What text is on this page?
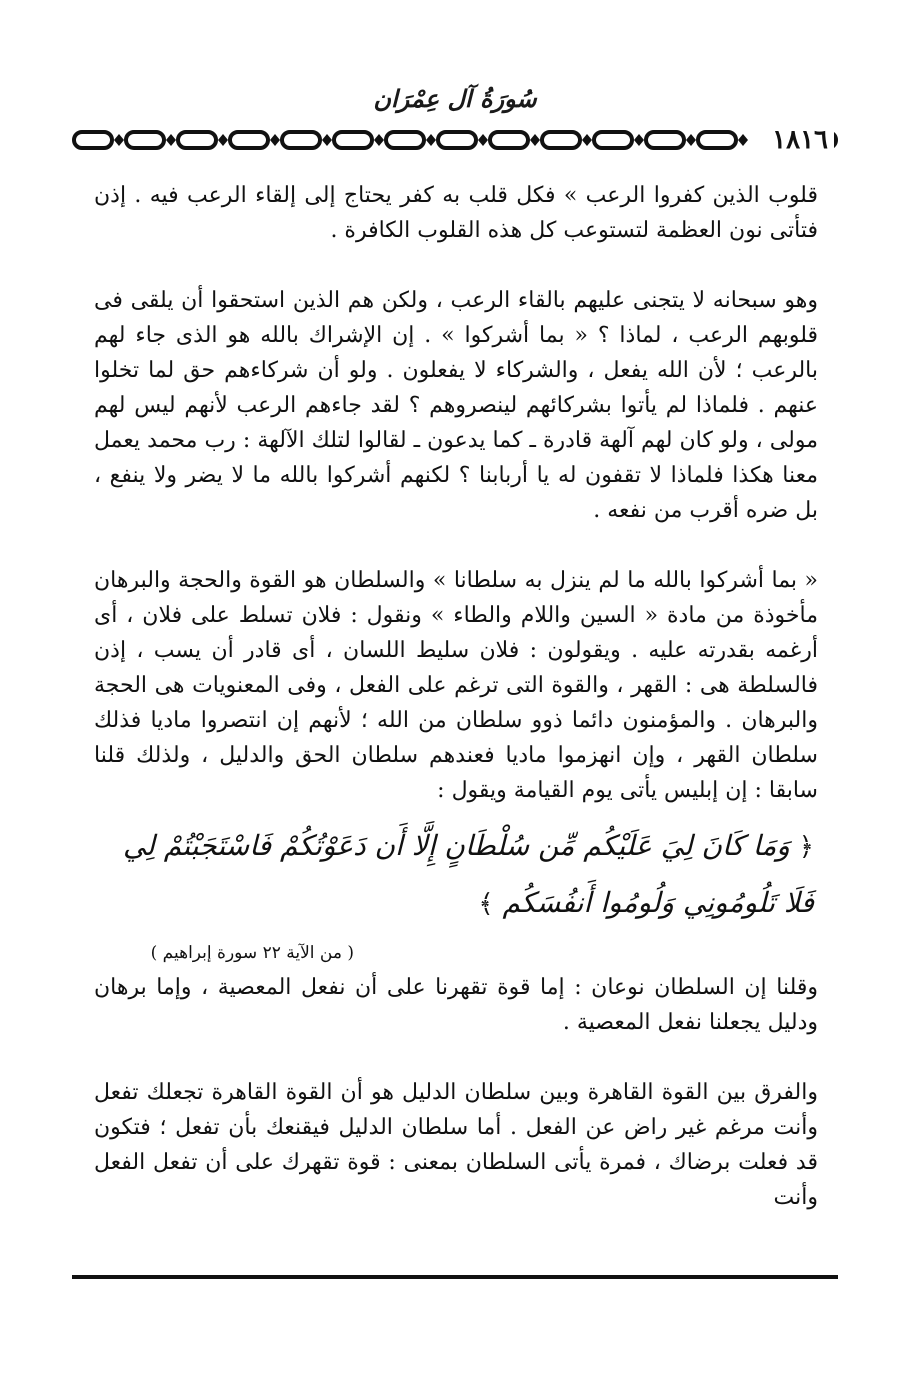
سُورَةُ آل عِمْرَان
١٨١٦

قلوب الذين كفروا الرعب » فكل قلب به كفر يحتاج إلى إلقاء الرعب فيه . إذن فتأتى نون العظمة لتستوعب كل هذه القلوب الكافرة .

وهو سبحانه لا يتجنى عليهم بالقاء الرعب ، ولكن هم الذين استحقوا أن يلقى فى قلوبهم الرعب ، لماذا ؟ « بما أشركوا » . إن الإشراك بالله هو الذى جاء لهم بالرعب ؛ لأن الله يفعل ، والشركاء لا يفعلون . ولو أن شركاءهم حق لما تخلوا عنهم . فلماذا لم يأتوا بشركائهم لينصروهم ؟ لقد جاءهم الرعب لأنهم ليس لهم مولى ، ولو كان لهم آلهة قادرة ـ كما يدعون ـ لقالوا لتلك الآلهة : رب محمد يعمل معنا هكذا فلماذا لا تقفون له يا أربابنا ؟ لكنهم أشركوا بالله ما لا يضر ولا ينفع ، بل ضره أقرب من نفعه .

« بما أشركوا بالله ما لم ينزل به سلطانا » والسلطان هو القوة والحجة والبرهان مأخوذة من مادة « السين واللام والطاء » ونقول : فلان تسلط على فلان ، أى أرغمه بقدرته عليه . ويقولون : فلان سليط اللسان ، أى قادر أن يسب ، إذن فالسلطة هى : القهر ، والقوة التى ترغم على الفعل ، وفى المعنويات هى الحجة والبرهان . والمؤمنون دائما ذوو سلطان من الله ؛ لأنهم إن انتصروا ماديا فذلك سلطان القهر ، وإن انهزموا ماديا فعندهم سلطان الحق والدليل ، ولذلك قلنا سابقا : إن إبليس يأتى يوم القيامة ويقول :

﴿ وَمَا كَانَ لِيَ عَلَيْكُم مِّن سُلْطَانٍ إِلَّا أَن دَعَوْتُكُمْ فَاسْتَجَبْتُمْ لِي فَلَا تَلُومُونِي وَلُومُوا أَنفُسَكُم ﴾

( من الآية ٢٢ سورة إبراهيم )

وقلنا إن السلطان نوعان : إما قوة تقهرنا على أن نفعل المعصية ، وإما برهان ودليل يجعلنا نفعل المعصية .

والفرق بين القوة القاهرة وبين سلطان الدليل هو أن القوة القاهرة تجعلك تفعل وأنت مرغم غير راض عن الفعل . أما سلطان الدليل فيقنعك بأن تفعل ؛ فتكون قد فعلت برضاك ، فمرة يأتى السلطان بمعنى : قوة تقهرك على أن تفعل الفعل وأنت
